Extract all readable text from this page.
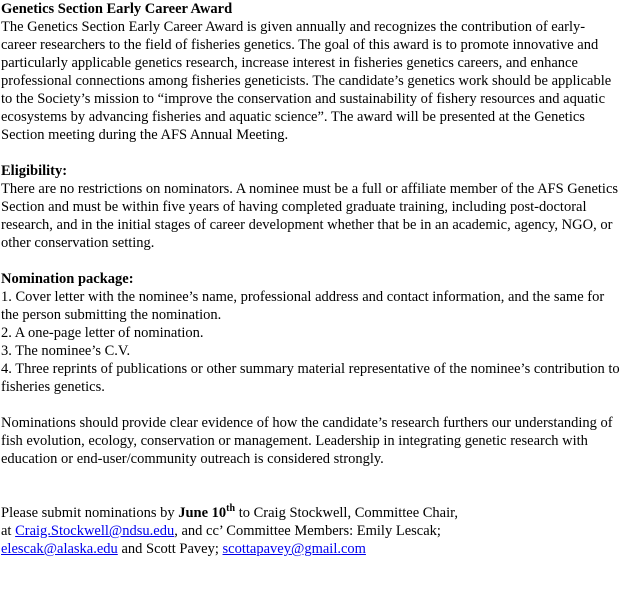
Genetics Section Early Career Award

The Genetics Section Early Career Award is given annually and recognizes the contribution of early-career researchers to the field of fisheries genetics. The goal of this award is to promote innovative and particularly applicable genetics research, increase interest in fisheries genetics careers, and enhance professional connections among fisheries geneticists. The candidate’s genetics work should be applicable to the Society’s mission to “improve the conservation and sustainability of fishery resources and aquatic ecosystems by advancing fisheries and aquatic science”. The award will be presented at the Genetics Section meeting during the AFS Annual Meeting.

Eligibility:

There are no restrictions on nominators. A nominee must be a full or affiliate member of the AFS Genetics Section and must be within five years of having completed graduate training, including post-doctoral research, and in the initial stages of career development whether that be in an academic, agency, NGO, or other conservation setting.

Nomination package:

1. Cover letter with the nominee’s name, professional address and contact information, and the same for the person submitting the nomination.
2. A one-page letter of nomination.
3. The nominee’s C.V.
4. Three reprints of publications or other summary material representative of the nominee’s contribution to fisheries genetics.

Nominations should provide clear evidence of how the candidate’s research furthers our understanding of fish evolution, ecology, conservation or management. Leadership in integrating genetic research with education or end-user/community outreach is considered strongly.

Please submit nominations by June 10th to Craig Stockwell, Committee Chair,
at Craig.Stockwell@ndsu.edu, and cc’ Committee Members: Emily Lescak;
elescak@alaska.edu and Scott Pavey; scottapavey@gmail.com
